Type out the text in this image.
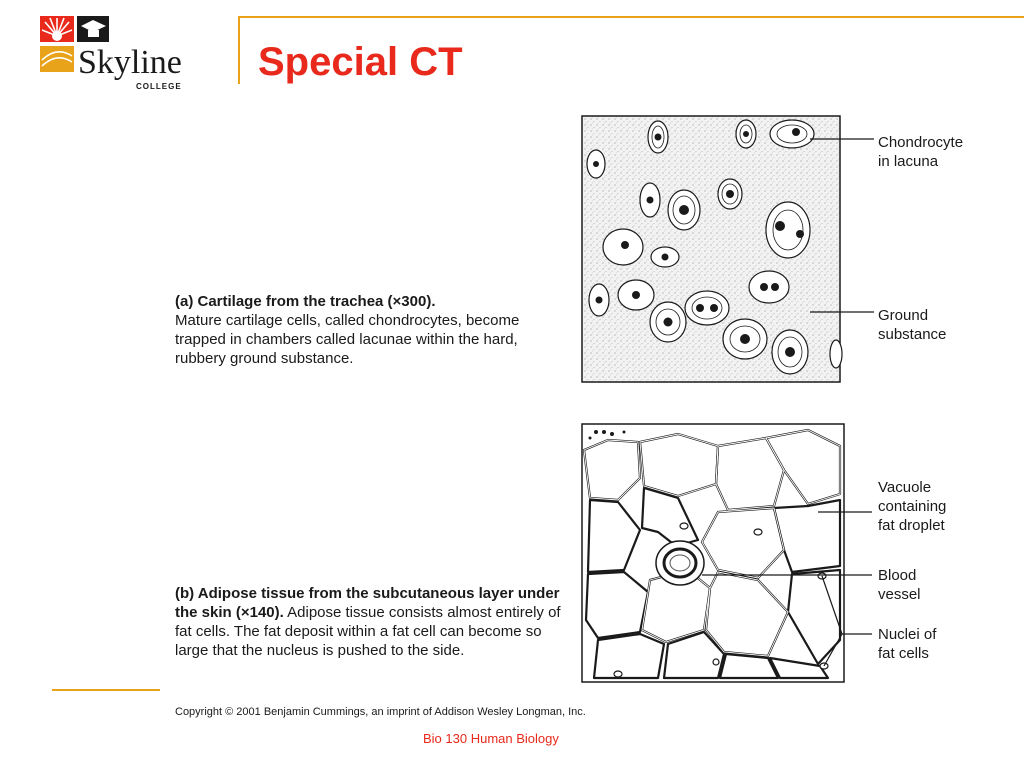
Skyline
COLLEGE
Special CT
(a) Cartilage from the trachea (×300).
Mature cartilage cells, called chondrocytes, become trapped in chambers called lacunae within the hard, rubbery ground substance.
(b) Adipose tissue from the subcutaneous layer under the skin (×140). Adipose tissue consists almost entirely of fat cells. The fat deposit within a fat cell can become so large that the nucleus is pushed to the side.
Chondrocyte
in lacuna
Ground
substance
Vacuole
containing
fat droplet
Blood
vessel
Nuclei of
fat cells
Copyright © 2001 Benjamin Cummings, an imprint of Addison Wesley Longman, Inc.
Bio 130 Human Biology
